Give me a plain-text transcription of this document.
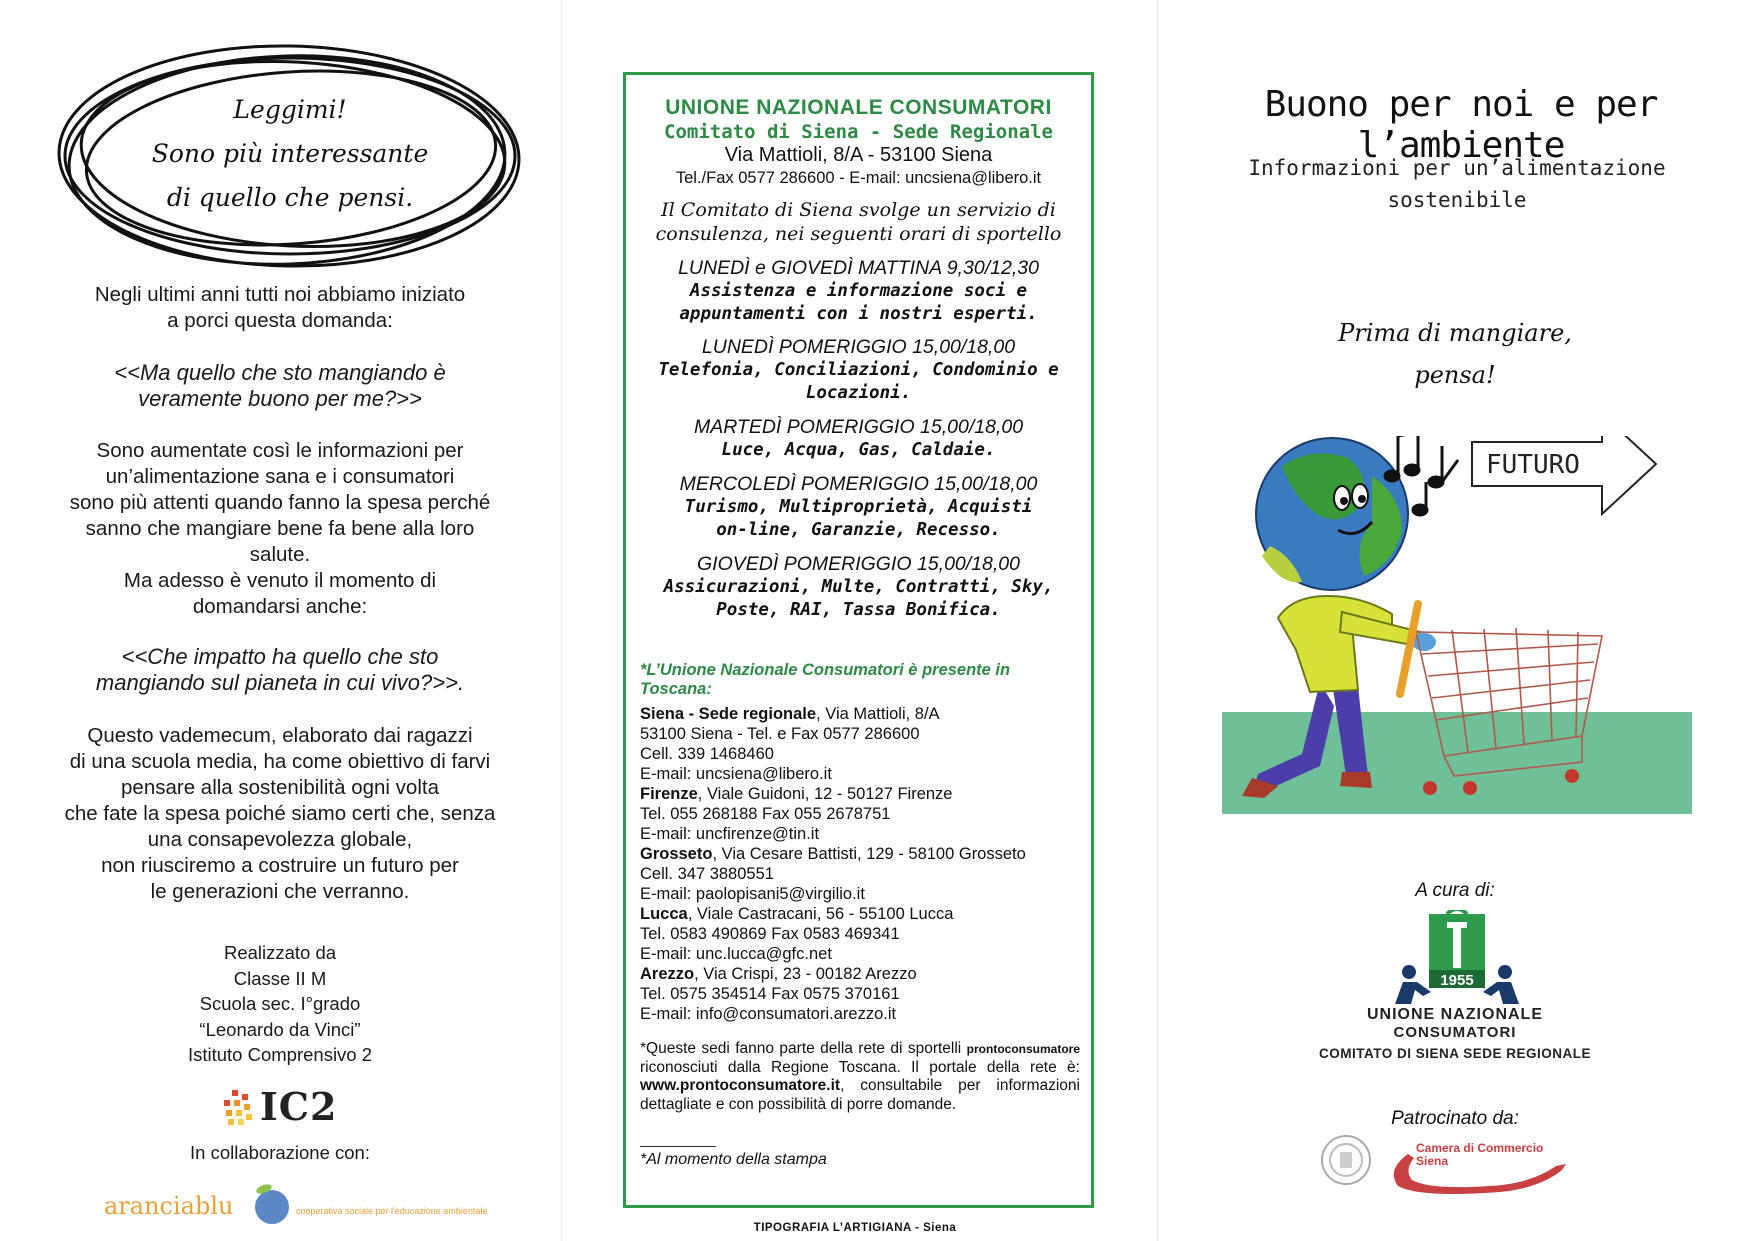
Leggimi!
Sono più interessante
di quello che pensi.

Negli ultimi anni tutti noi abbiamo iniziato

a porci questa domanda:

<<Ma quello che sto mangiando è

veramente buono per me?>>

Sono aumentate così le informazioni per

un’alimentazione sana e i consumatori

sono più attenti quando fanno la spesa perché

sanno che mangiare bene fa bene alla loro

salute.

Ma adesso è venuto il momento di

domandarsi anche:

<<Che impatto ha quello che sto

mangiando sul pianeta in cui vivo?>>.

Questo vademecum, elaborato dai ragazzi

di una scuola media, ha come obiettivo di farvi

pensare alla sostenibilità ogni volta

che fate la spesa poiché siamo certi che, senza

una consapevolezza globale,

non riusciremo a costruire un futuro per

le generazioni che verranno.

Realizzato da
Classe II M
Scuola sec. I°grado
“Leonardo da Vinci”
Istituto Comprensivo 2
IC2
In collaborazione con:
aranciablu	cooperativa sociale per l'educazione ambientale
UNIONE NAZIONALE CONSUMATORI
Comitato di Siena - Sede Regionale
Via Mattioli, 8/A - 53100 Siena
Tel./Fax 0577 286600 - E-mail: uncsiena@libero.it
Il Comitato di Siena svolge un servizio di
consulenza, nei seguenti orari di sportello
LUNEDÌ e GIOVEDÌ MATTINA 9,30/12,30
Assistenza e informazione soci e
appuntamenti con i nostri esperti.
LUNEDÌ POMERIGGIO 15,00/18,00
Telefonia, Conciliazioni, Condominio e
Locazioni.
MARTEDÌ POMERIGGIO 15,00/18,00
Luce, Acqua, Gas, Caldaie.
MERCOLEDÌ POMERIGGIO 15,00/18,00
Turismo, Multiproprietà, Acquisti
on-line, Garanzie, Recesso.
GIOVEDÌ POMERIGGIO 15,00/18,00
Assicurazioni, Multe, Contratti, Sky,
Poste, RAI, Tassa Bonifica.
*L’Unione Nazionale Consumatori è presente in
Toscana:
Siena - Sede regionale, Via Mattioli, 8/A
53100 Siena - Tel. e Fax 0577 286600
Cell. 339 1468460
E-mail: uncsiena@libero.it
Firenze, Viale Guidoni, 12 - 50127 Firenze
Tel. 055 268188 Fax 055 2678751
E-mail: uncfirenze@tin.it
Grosseto, Via Cesare Battisti, 129 - 58100 Grosseto
Cell. 347 3880551
E-mail: paolopisani5@virgilio.it
Lucca, Viale Castracani, 56 - 55100 Lucca
Tel. 0583 490869 Fax 0583 469341
E-mail: unc.lucca@gfc.net
Arezzo, Via Crispi, 23 - 00182 Arezzo
Tel. 0575 354514 Fax 0575 370161
E-mail: info@consumatori.arezzo.it
*Queste sedi fanno parte della rete di sportelli prontoconsumatore riconosciuti dalla Regione Toscana. Il portale della rete è: www.prontoconsumatore.it, consultabile per informazioni dettagliate e con possibilità di porre domande.
*Al momento della stampa
TIPOGRAFIA L’ARTIGIANA - Siena
Buono per noi e per l’ambiente
Informazioni per un’alimentazione
sostenibile
Prima di mangiare,
pensa!
FUTURO
A cura di:
1955
UNIONE NAZIONALE
CONSUMATORI
COMITATO DI SIENA SEDE REGIONALE
Patrocinato da:
Camera di Commercio
Siena
